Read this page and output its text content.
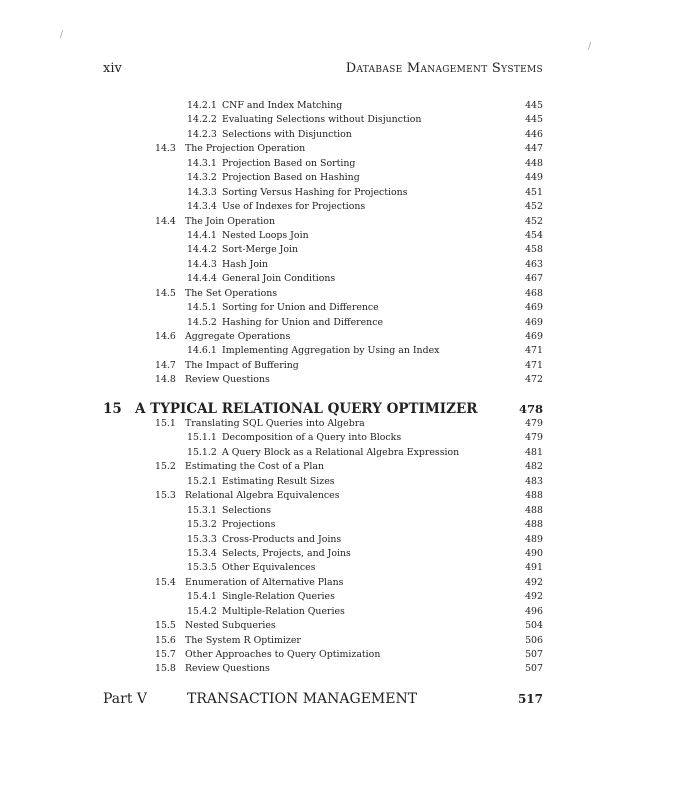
/
/
xiv	Database Management Systems
14.2.1 CNF and Index Matching	445
14.2.2 Evaluating Selections without Disjunction	445
14.2.3 Selections with Disjunction	446
14.3 The Projection Operation	447
14.3.1 Projection Based on Sorting	448
14.3.2 Projection Based on Hashing	449
14.3.3 Sorting Versus Hashing for Projections	451
14.3.4 Use of Indexes for Projections	452
14.4 The Join Operation	452
14.4.1 Nested Loops Join	454
14.4.2 Sort-Merge Join	458
14.4.3 Hash Join	463
14.4.4 General Join Conditions	467
14.5 The Set Operations	468
14.5.1 Sorting for Union and Difference	469
14.5.2 Hashing for Union and Difference	469
14.6 Aggregate Operations	469
14.6.1 Implementing Aggregation by Using an Index	471
14.7 The Impact of Buffering	471
14.8 Review Questions	472
15 A TYPICAL RELATIONAL QUERY OPTIMIZER	478
15.1 Translating SQL Queries into Algebra	479
15.1.1 Decomposition of a Query into Blocks	479
15.1.2 A Query Block as a Relational Algebra Expression	481
15.2 Estimating the Cost of a Plan	482
15.2.1 Estimating Result Sizes	483
15.3 Relational Algebra Equivalences	488
15.3.1 Selections	488
15.3.2 Projections	488
15.3.3 Cross-Products and Joins	489
15.3.4 Selects, Projects, and Joins	490
15.3.5 Other Equivalences	491
15.4 Enumeration of Alternative Plans	492
15.4.1 Single-Relation Queries	492
15.4.2 Multiple-Relation Queries	496
15.5 Nested Subqueries	504
15.6 The System R Optimizer	506
15.7 Other Approaches to Query Optimization	507
15.8 Review Questions	507
Part V	TRANSACTION MANAGEMENT	517
